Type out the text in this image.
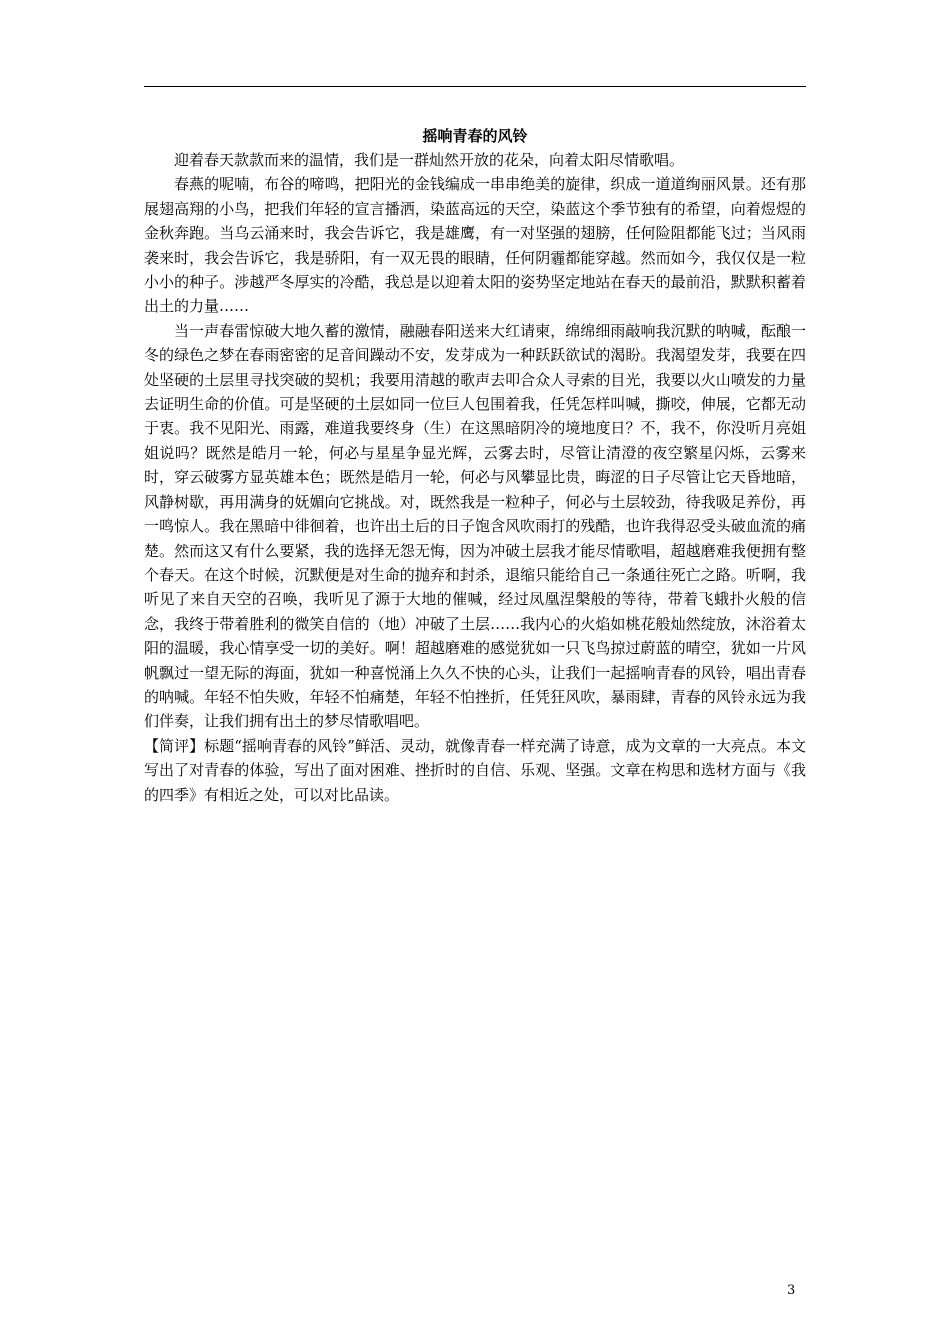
摇响青春的风铃

迎着春天款款而来的温情，我们是一群灿然开放的花朵，向着太阳尽情歌唱。

春燕的呢喃，布谷的啼鸣，把阳光的金钱编成一串串绝美的旋律，织成一道道绚丽风景。还有那展翅高翔的小鸟，把我们年轻的宣言播洒，染蓝高远的天空，染蓝这个季节独有的希望，向着煜煜的金秋奔跑。当乌云涌来时，我会告诉它，我是雄鹰，有一对坚强的翅膀，任何险阻都能飞过；当风雨袭来时，我会告诉它，我是骄阳，有一双无畏的眼睛，任何阴霾都能穿越。然而如今，我仅仅是一粒小小的种子。涉越严冬厚实的冷酷，我总是以迎着太阳的姿势坚定地站在春天的最前沿，默默积蓄着出土的力量……

当一声春雷惊破大地久蓄的激情，融融春阳送来大红请柬，绵绵细雨敲响我沉默的呐喊，酝酿一冬的绿色之梦在春雨密密的足音间躁动不安，发芽成为一种跃跃欲试的渴盼。我渴望发芽，我要在四处坚硬的土层里寻找突破的契机；我要用清越的歌声去叩合众人寻索的目光，我要以火山喷发的力量去证明生命的价值。可是坚硬的土层如同一位巨人包围着我，任凭怎样叫喊，撕咬，伸展，它都无动于衷。我不见阳光、雨露，难道我要终身（生）在这黑暗阴冷的境地度日？不，我不，你没听月亮姐姐说吗？既然是皓月一轮，何必与星星争显光辉，云雾去时，尽管让清澄的夜空繁星闪烁，云雾来时，穿云破雾方显英雄本色；既然是皓月一轮，何必与风攀显比贵，晦涩的日子尽管让它天昏地暗，风静树歇，再用满身的妩媚向它挑战。对，既然我是一粒种子，何必与土层较劲，待我吸足养份，再一鸣惊人。我在黑暗中徘徊着，也许出土后的日子饱含风吹雨打的残酷，也许我得忍受头破血流的痛楚。然而这又有什么要紧，我的选择无怨无悔，因为冲破土层我才能尽情歌唱，超越磨难我便拥有整个春天。在这个时候，沉默便是对生命的抛弃和封杀，退缩只能给自己一条通往死亡之路。听啊，我听见了来自天空的召唤，我听见了源于大地的催喊，经过凤凰涅槃般的等待，带着飞蛾扑火般的信念，我终于带着胜利的微笑自信的（地）冲破了土层……我内心的火焰如桃花般灿然绽放，沐浴着太阳的温暖，我心情享受一切的美好。啊！超越磨难的感觉犹如一只飞鸟掠过蔚蓝的晴空，犹如一片风帆飘过一望无际的海面，犹如一种喜悦涌上久久不快的心头，让我们一起摇响青春的风铃，唱出青春的呐喊。年轻不怕失败，年轻不怕痛楚，年轻不怕挫折，任凭狂风吹，暴雨肆，青春的风铃永远为我们伴奏，让我们拥有出土的梦尽情歌唱吧。

【简评】标题“摇响青春的风铃”鲜活、灵动，就像青春一样充满了诗意，成为文章的一大亮点。本文写出了对青春的体验，写出了面对困难、挫折时的自信、乐观、坚强。文章在构思和选材方面与《我的四季》有相近之处，可以对比品读。

3
